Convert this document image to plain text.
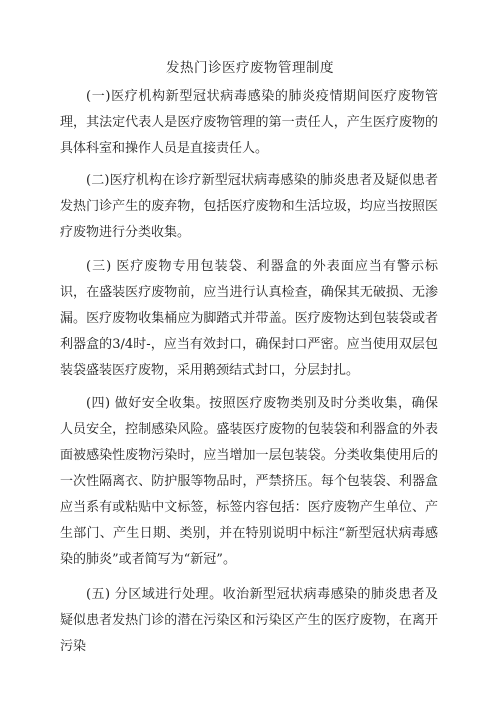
发热门诊医疗废物管理制度

(一)医疗机构新型冠状病毒感染的肺炎疫情期间医疗废物管理，其法定代表人是医疗废物管理的第一责任人，产生医疗废物的具体科室和操作人员是直接责任人。

(二)医疗机构在诊疗新型冠状病毒感染的肺炎患者及疑似患者发热门诊产生的废弃物，包括医疗废物和生活垃圾，均应当按照医疗废物进行分类收集。

(三) 医疗废物专用包装袋、利器盒的外表面应当有警示标识，在盛装医疗废物前，应当进行认真检查，确保其无破损、无渗漏。医疗废物收集桶应为脚踏式并带盖。医疗废物达到包装袋或者利器盒的3/4时-，应当有效封口，确保封口严密。应当使用双层包装袋盛装医疗废物，采用鹅颈结式封口，分层封扎。

(四) 做好安全收集。按照医疗废物类别及时分类收集，确保人员安全，控制感染风险。盛装医疗废物的包装袋和利器盒的外表面被感染性废物污染时，应当增加一层包装袋。分类收集使用后的一次性隔离衣、防护服等物品时，严禁挤压。每个包装袋、利器盒应当系有或粘贴中文标签，标签内容包括：医疗废物产生单位、产生部门、产生日期、类别，并在特别说明中标注“新型冠状病毒感染的肺炎”或者简写为“新冠”。

(五) 分区域进行处理。收治新型冠状病毒感染的肺炎患者及疑似患者发热门诊的潜在污染区和污染区产生的医疗废物，在离开污染
